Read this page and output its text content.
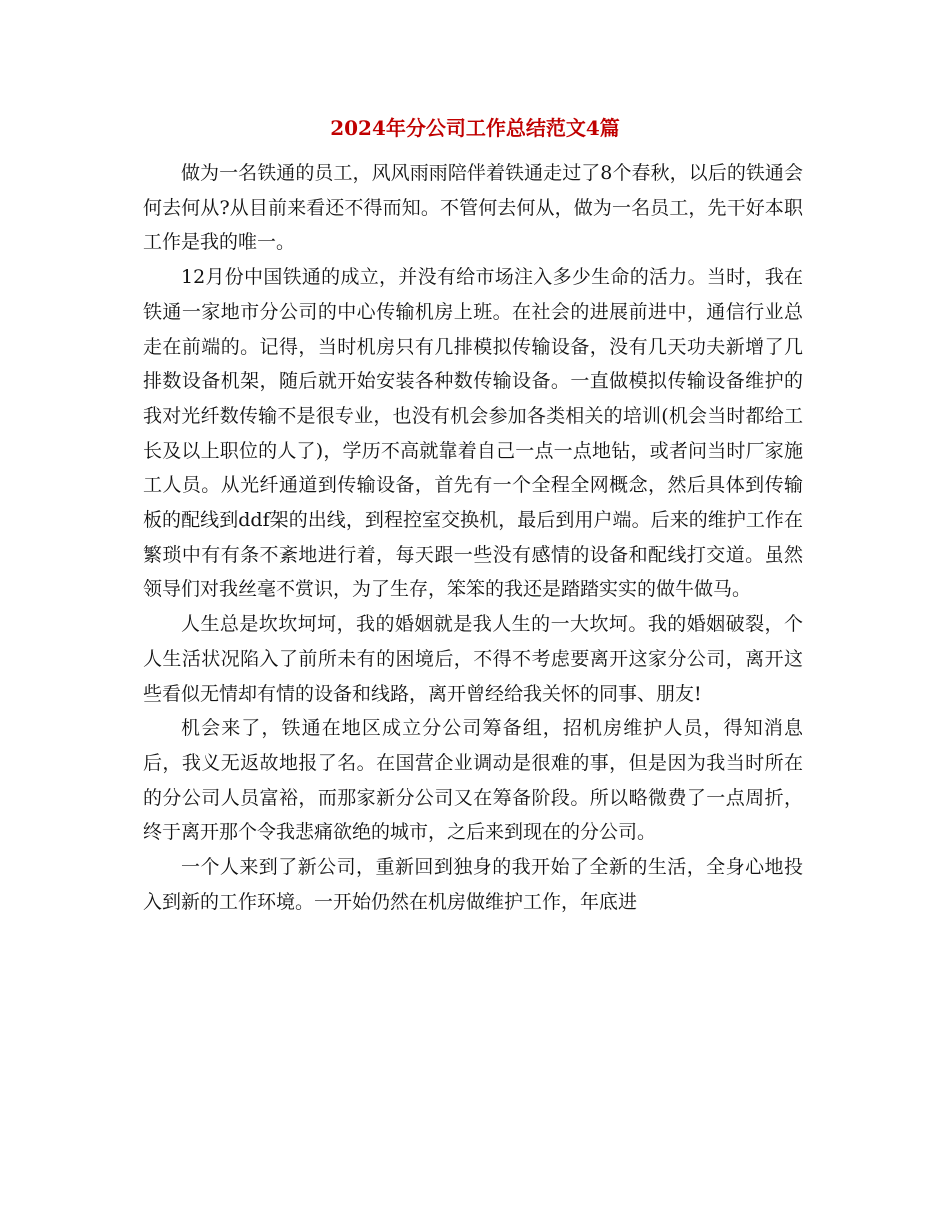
2024年分公司工作总结范文4篇

做为一名铁通的员工，风风雨雨陪伴着铁通走过了8个春秋，以后的铁通会何去何从?从目前来看还不得而知。不管何去何从，做为一名员工，先干好本职工作是我的唯一。

12月份中国铁通的成立，并没有给市场注入多少生命的活力。当时，我在铁通一家地市分公司的中心传输机房上班。在社会的进展前进中，通信行业总走在前端的。记得，当时机房只有几排模拟传输设备，没有几天功夫新增了几排数设备机架，随后就开始安装各种数传输设备。一直做模拟传输设备维护的我对光纤数传输不是很专业，也没有机会参加各类相关的培训(机会当时都给工长及以上职位的人了)，学历不高就靠着自己一点一点地钻，或者问当时厂家施工人员。从光纤通道到传输设备，首先有一个全程全网概念，然后具体到传输板的配线到ddf架的出线，到程控室交换机，最后到用户端。后来的维护工作在繁琐中有有条不紊地进行着，每天跟一些没有感情的设备和配线打交道。虽然领导们对我丝毫不赏识，为了生存，笨笨的我还是踏踏实实的做牛做马。

人生总是坎坎坷坷，我的婚姻就是我人生的一大坎坷。我的婚姻破裂，个人生活状况陷入了前所未有的困境后，不得不考虑要离开这家分公司，离开这些看似无情却有情的设备和线路，离开曾经给我关怀的同事、朋友!

机会来了，铁通在地区成立分公司筹备组，招机房维护人员，得知消息后，我义无返故地报了名。在国营企业调动是很难的事，但是因为我当时所在的分公司人员富裕，而那家新分公司又在筹备阶段。所以略微费了一点周折，终于离开那个令我悲痛欲绝的城市，之后来到现在的分公司。

一个人来到了新公司，重新回到独身的我开始了全新的生活，全身心地投入到新的工作环境。一开始仍然在机房做维护工作，年底进
